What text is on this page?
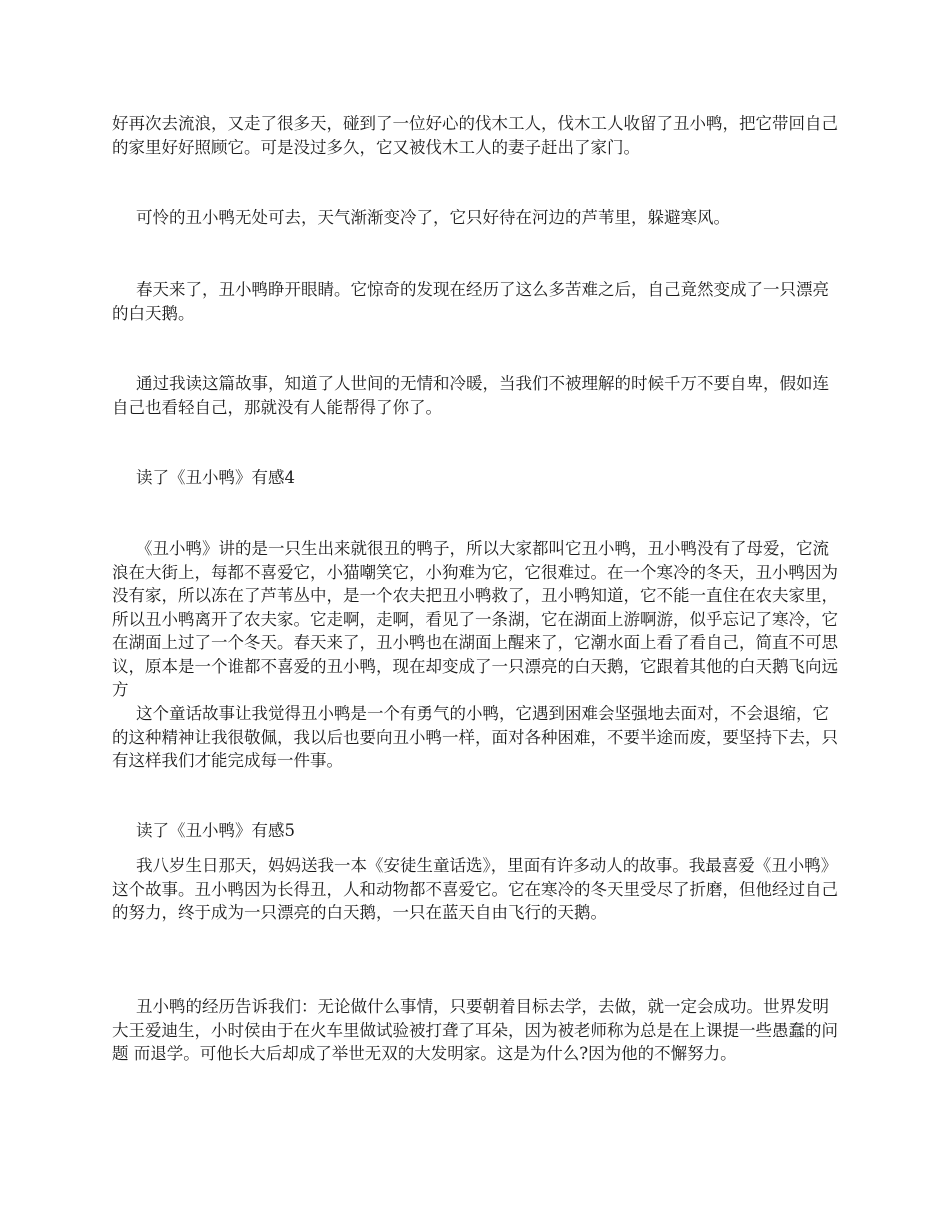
好再次去流浪，又走了很多天，碰到了一位好心的伐木工人，伐木工人收留了丑小鸭，把它带回自己的家里好好照顾它。可是没过多久，它又被伐木工人的妻子赶出了家门。

可怜的丑小鸭无处可去，天气渐渐变冷了，它只好待在河边的芦苇里，躲避寒风。

春天来了，丑小鸭睁开眼睛。它惊奇的发现在经历了这么多苦难之后，自己竟然变成了一只漂亮的白天鹅。

通过我读这篇故事，知道了人世间的无情和冷暖，当我们不被理解的时候千万不要自卑，假如连自己也看轻自己，那就没有人能帮得了你了。

读了《丑小鸭》有感4

《丑小鸭》讲的是一只生出来就很丑的鸭子，所以大家都叫它丑小鸭，丑小鸭没有了母爱，它流浪在大街上，每都不喜爱它，小猫嘲笑它，小狗难为它，它很难过。在一个寒冷的冬天，丑小鸭因为没有家，所以冻在了芦苇丛中，是一个农夫把丑小鸭救了，丑小鸭知道，它不能一直住在农夫家里，所以丑小鸭离开了农夫家。它走啊，走啊，看见了一条湖，它在湖面上游啊游，似乎忘记了寒冷，它在湖面上过了一个冬天。春天来了，丑小鸭也在湖面上醒来了，它潮水面上看了看自己，简直不可思议，原本是一个谁都不喜爱的丑小鸭，现在却变成了一只漂亮的白天鹅，它跟着其他的白天鹅飞向远方

这个童话故事让我觉得丑小鸭是一个有勇气的小鸭，它遇到困难会坚强地去面对，不会退缩，它的这种精神让我很敬佩，我以后也要向丑小鸭一样，面对各种困难，不要半途而废，要坚持下去，只有这样我们才能完成每一件事。

读了《丑小鸭》有感5

我八岁生日那天，妈妈送我一本《安徒生童话选》，里面有许多动人的故事。我最喜爱《丑小鸭》这个故事。丑小鸭因为长得丑，人和动物都不喜爱它。它在寒冷的冬天里受尽了折磨，但他经过自己的努力，终于成为一只漂亮的白天鹅，一只在蓝天自由飞行的天鹅。

丑小鸭的经历告诉我们：无论做什么事情，只要朝着目标去学，去做，就一定会成功。世界发明大王爱迪生，小时侯由于在火车里做试验被打聋了耳朵，因为被老师称为总是在上课提一些愚蠢的问题 而退学。可他长大后却成了举世无双的大发明家。这是为什么?因为他的不懈努力。
